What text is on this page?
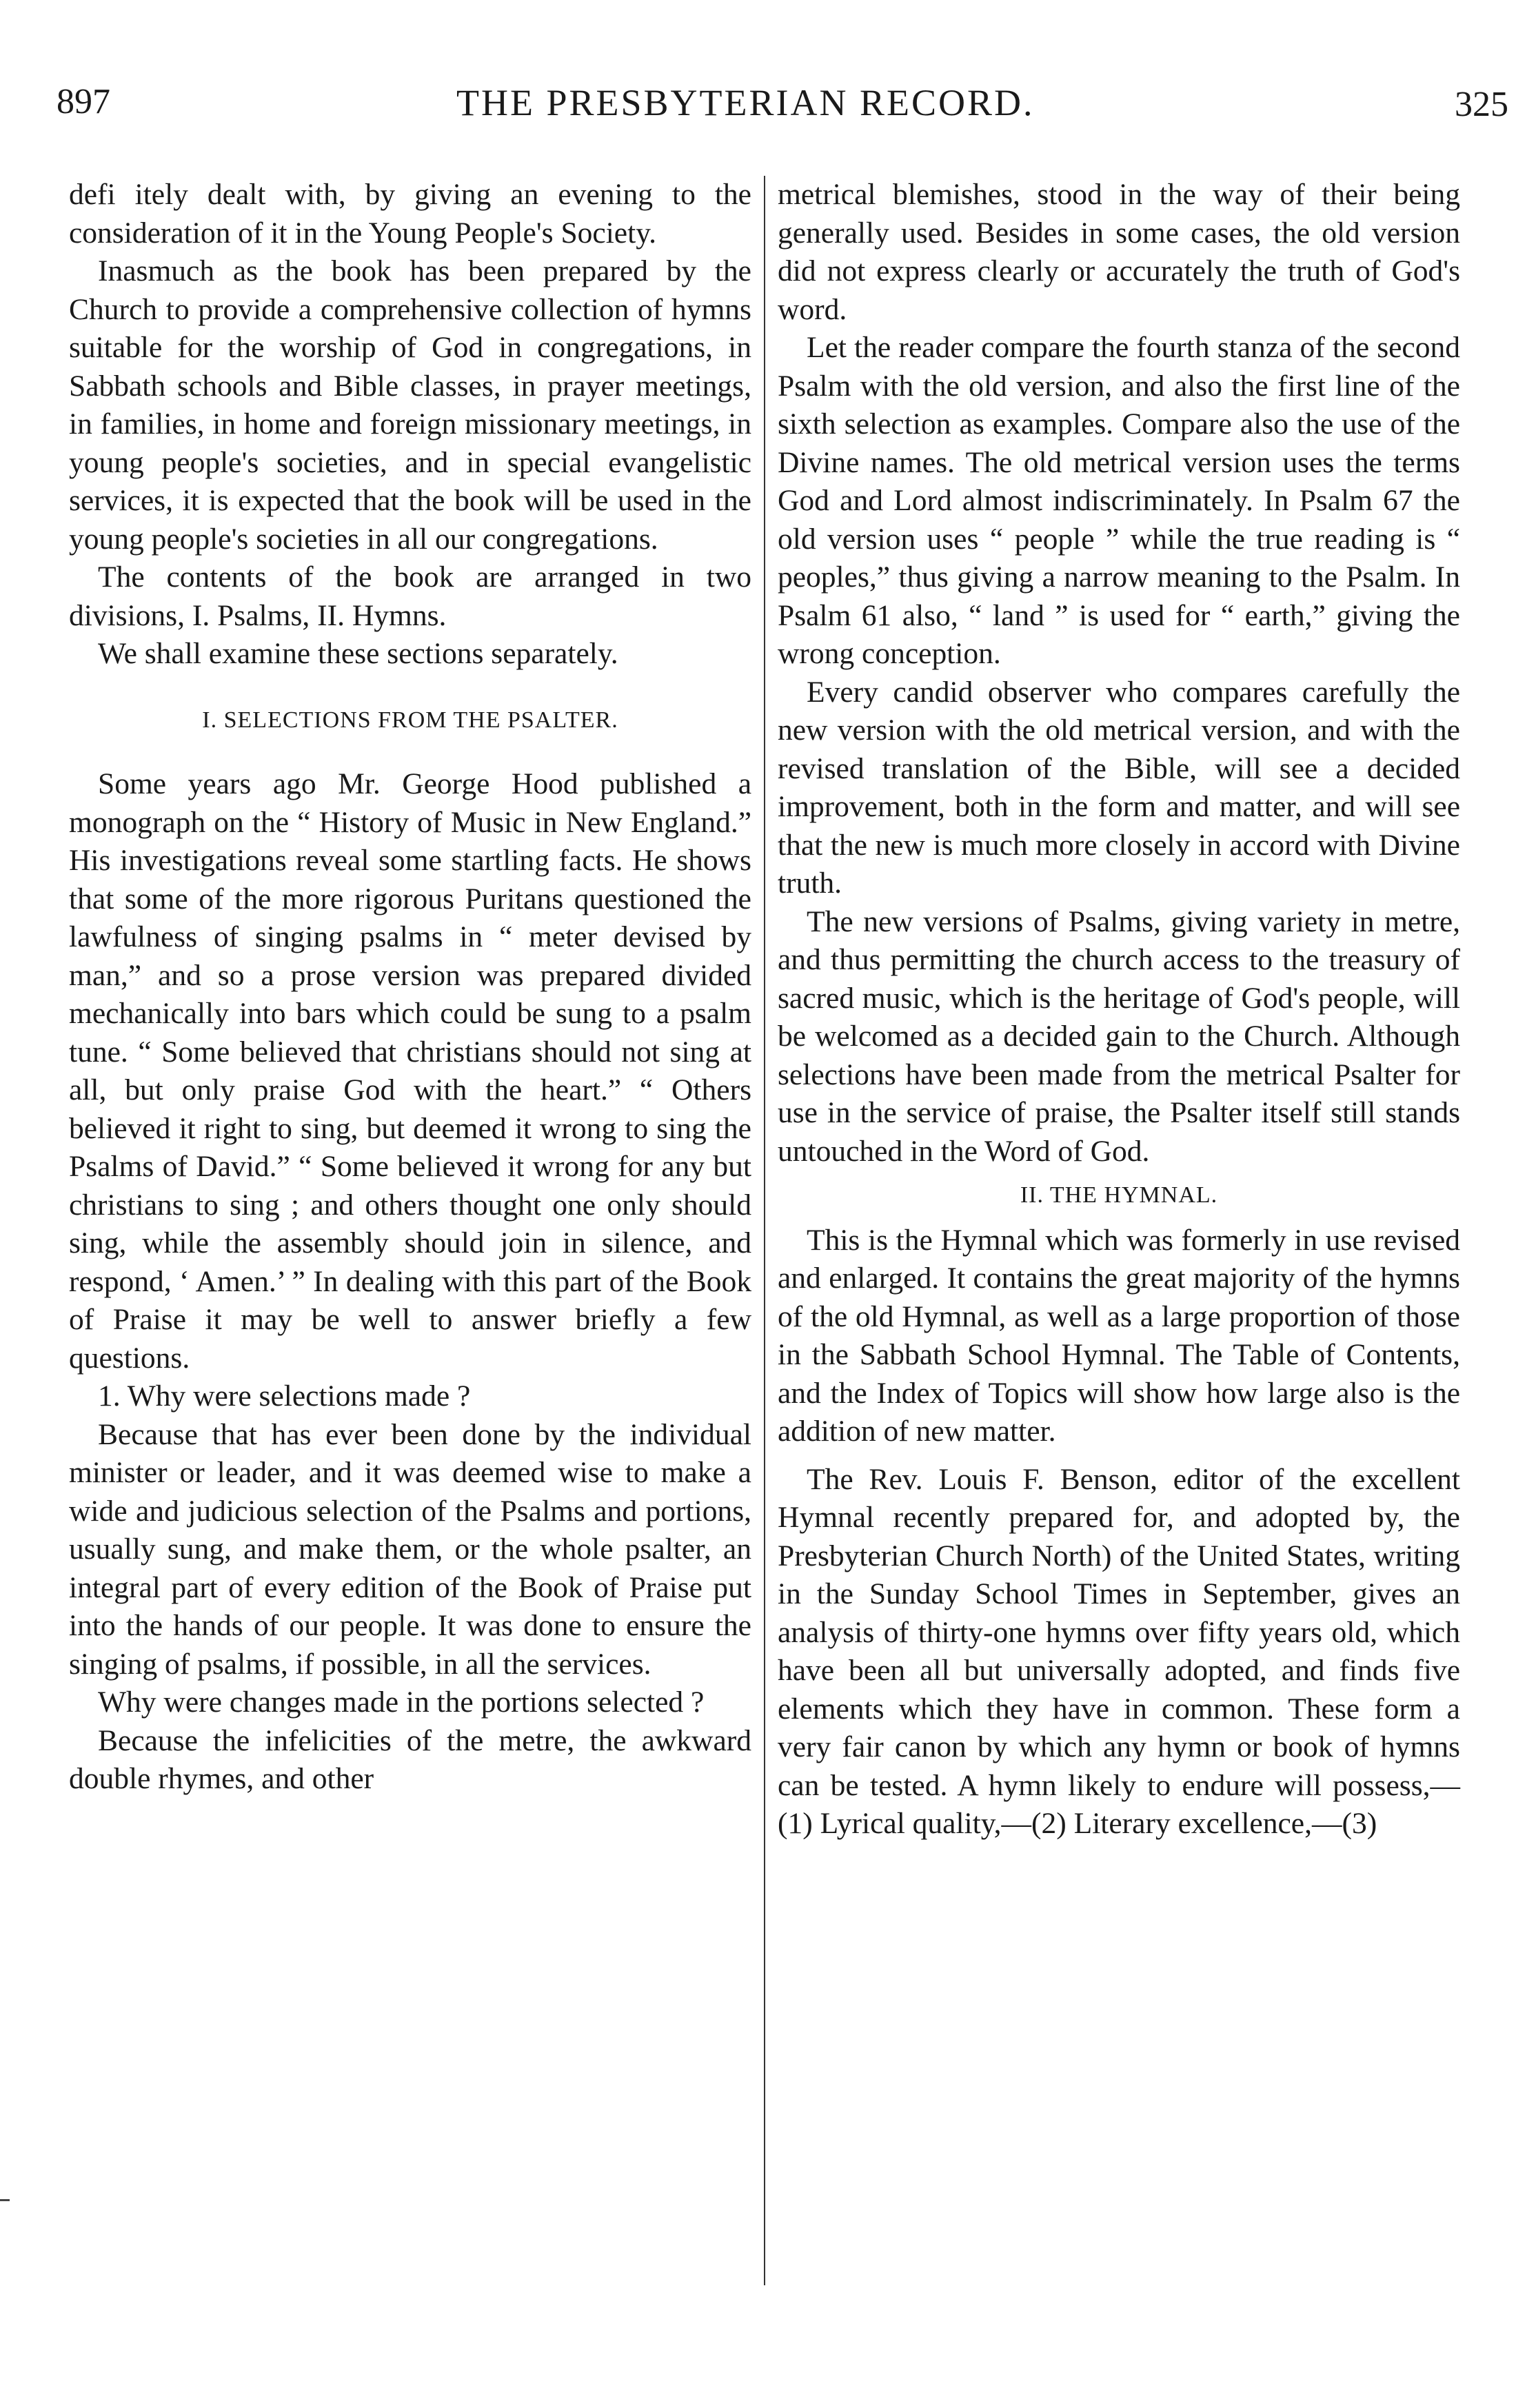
897	THE PRESBYTERIAN RECORD.	325

defi itely dealt with, by giving an evening to the consideration of it in the Young People's Society.

Inasmuch as the book has been prepared by the Church to provide a comprehensive collection of hymns suitable for the worship of God in congregations, in Sabbath schools and Bible classes, in prayer meetings, in families, in home and foreign missionary meetings, in young people's societies, and in special evangelistic services, it is expected that the book will be used in the young people's societies in all our congregations.

The contents of the book are arranged in two divisions, I. Psalms, II. Hymns.

We shall examine these sections separately.

I. SELECTIONS FROM THE PSALTER.

Some years ago Mr. George Hood published a monograph on the “ History of Music in New England.” His investigations reveal some startling facts. He shows that some of the more rigorous Puritans questioned the lawfulness of singing psalms in “ meter devised by man,” and so a prose version was prepared divided mechanically into bars which could be sung to a psalm tune. “ Some believed that christians should not sing at all, but only praise God with the heart.” “ Others believed it right to sing, but deemed it wrong to sing the Psalms of David.” “ Some believed it wrong for any but christians to sing ; and others thought one only should sing, while the assembly should join in silence, and respond, ‘ Amen.’ ” In dealing with this part of the Book of Praise it may be well to answer briefly a few questions.

1. Why were selections made ?

Because that has ever been done by the individual minister or leader, and it was deemed wise to make a wide and judicious selection of the Psalms and portions, usually sung, and make them, or the whole psalter, an integral part of every edition of the Book of Praise put into the hands of our people. It was done to ensure the singing of psalms, if possible, in all the services.

Why were changes made in the portions selected ?

Because the infelicities of the metre, the awkward double rhymes, and other

metrical blemishes, stood in the way of their being generally used. Besides in some cases, the old version did not express clearly or accurately the truth of God's word.

Let the reader compare the fourth stanza of the second Psalm with the old version, and also the first line of the sixth selection as examples. Compare also the use of the Divine names. The old metrical version uses the terms God and Lord almost indiscriminately. In Psalm 67 the old version uses “ people ” while the true reading is “ peoples,” thus giving a narrow meaning to the Psalm. In Psalm 61 also, “ land ” is used for “ earth,” giving the wrong conception.

Every candid observer who compares carefully the new version with the old metrical version, and with the revised translation of the Bible, will see a decided improvement, both in the form and matter, and will see that the new is much more closely in accord with Divine truth.

The new versions of Psalms, giving variety in metre, and thus permitting the church access to the treasury of sacred music, which is the heritage of God's people, will be welcomed as a decided gain to the Church. Although selections have been made from the metrical Psalter for use in the service of praise, the Psalter itself still stands untouched in the Word of God.

II. THE HYMNAL.

This is the Hymnal which was formerly in use revised and enlarged. It contains the great majority of the hymns of the old Hymnal, as well as a large proportion of those in the Sabbath School Hymnal. The Table of Contents, and the Index of Topics will show how large also is the addition of new matter.

The Rev. Louis F. Benson, editor of the excellent Hymnal recently prepared for, and adopted by, the Presbyterian Church North) of the United States, writing in the Sunday School Times in September, gives an analysis of thirty-one hymns over fifty years old, which have been all but universally adopted, and finds five elements which they have in common. These form a very fair canon by which any hymn or book of hymns can be tested. A hymn likely to endure will possess,—(1) Lyrical quality,—(2) Literary excellence,—(3)
